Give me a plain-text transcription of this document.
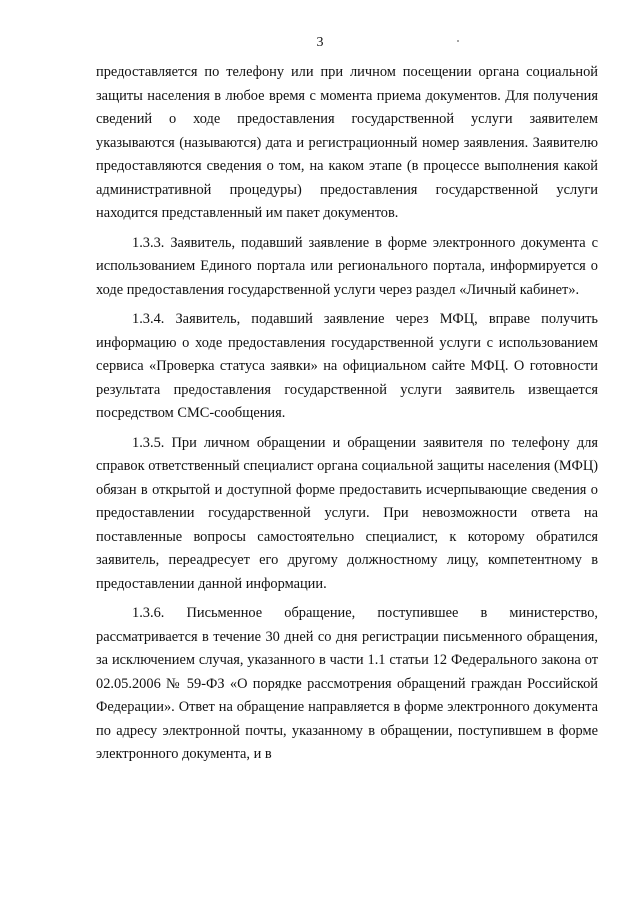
3

предоставляется по телефону или при личном посещении органа социальной защиты населения в любое время с момента приема документов. Для получения сведений о ходе предоставления государственной услуги заявителем указываются (называются) дата и регистрационный номер заявления. Заявителю предоставляются сведения о том, на каком этапе (в процессе выполнения какой административной процедуры) предоставления государственной услуги находится представленный им пакет документов.

1.3.3. Заявитель, подавший заявление в форме электронного документа с использованием Единого портала или регионального портала, информируется о ходе предоставления государственной услуги через раздел «Личный кабинет».

1.3.4. Заявитель, подавший заявление через МФЦ, вправе получить информацию о ходе предоставления государственной услуги с использованием сервиса «Проверка статуса заявки» на официальном сайте МФЦ. О готовности результата предоставления государственной услуги заявитель извещается посредством СМС-сообщения.

1.3.5. При личном обращении и обращении заявителя по телефону для справок ответственный специалист органа социальной защиты населения (МФЦ) обязан в открытой и доступной форме предоставить исчерпывающие сведения о предоставлении государственной услуги. При невозможности ответа на поставленные вопросы самостоятельно специалист, к которому обратился заявитель, переадресует его другому должностному лицу, компетентному в предоставлении данной информации.

1.3.6. Письменное обращение, поступившее в министерство, рассматривается в течение 30 дней со дня регистрации письменного обращения, за исключением случая, указанного в части 1.1 статьи 12 Федерального закона от 02.05.2006 № 59-ФЗ «О порядке рассмотрения обращений граждан Российской Федерации». Ответ на обращение направляется в форме электронного документа по адресу электронной почты, указанному в обращении, поступившем в форме электронного документа, и в
